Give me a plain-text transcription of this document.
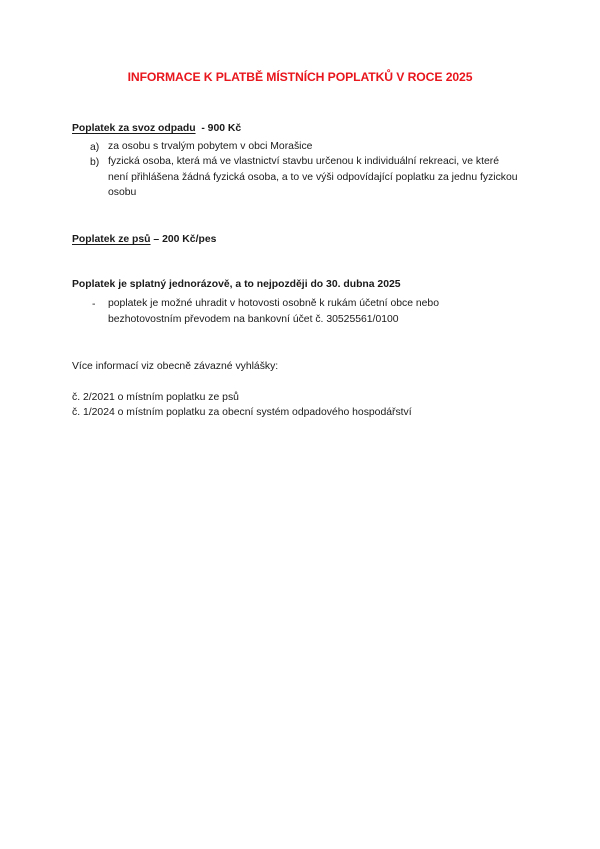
INFORMACE K PLATBĚ MÍSTNÍCH POPLATKŮ V ROCE 2025
Poplatek za svoz odpadu  - 900 Kč
a) za osobu s trvalým pobytem v obci Morašice
b) fyzická osoba, která má ve vlastnictví stavbu určenou k individuální rekreaci, ve které
není přihlášena žádná fyzická osoba, a to ve výši odpovídající poplatku za jednu fyzickou
osobu
Poplatek ze psů – 200 Kč/pes
Poplatek je splatný jednorázově, a to nejpozději do 30. dubna 2025
- poplatek je možné uhradit v hotovosti osobně k rukám účetní obce nebo
bezhotovostním převodem na bankovní účet č. 30525561/0100
Více informací viz obecně závazné vyhlášky:
č. 2/2021 o místním poplatku ze psů
č. 1/2024 o místním poplatku za obecní systém odpadového hospodářství
